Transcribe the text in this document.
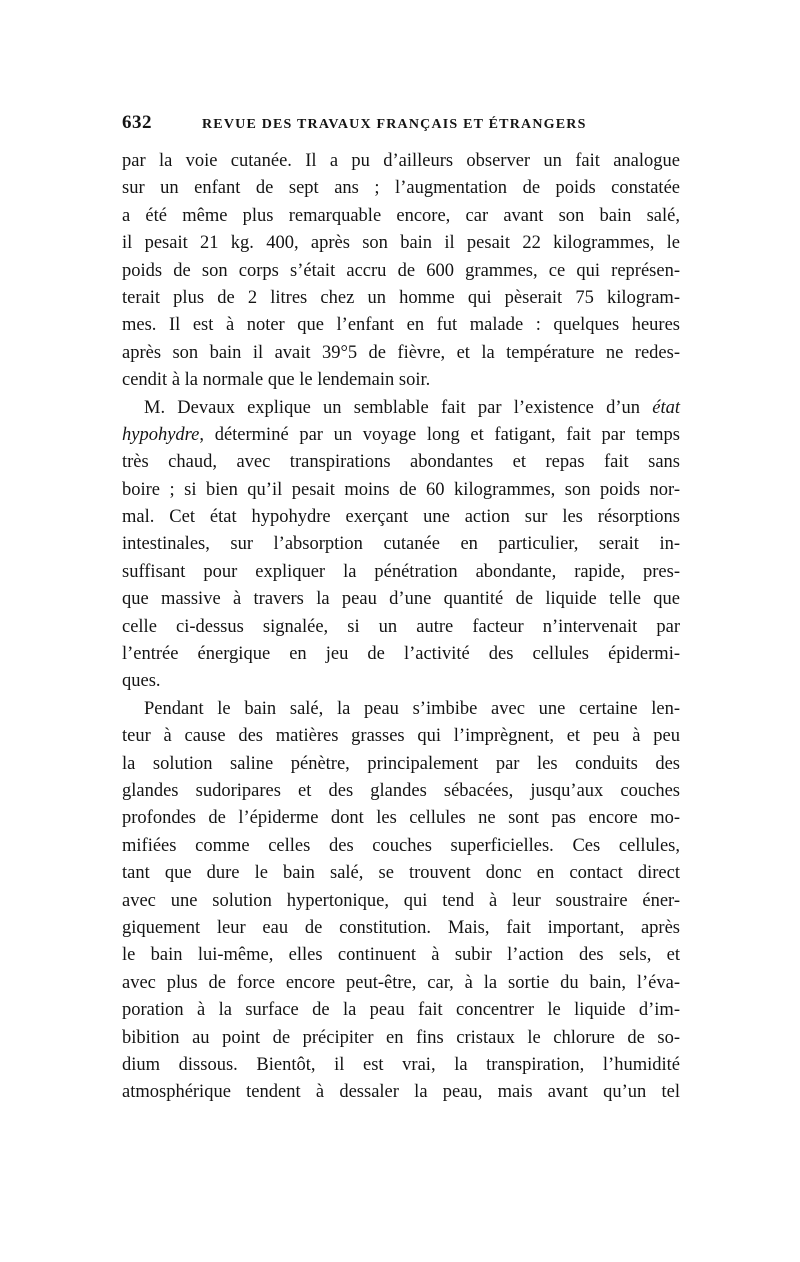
632	REVUE DES TRAVAUX FRANÇAIS ET ÉTRANGERS
par la voie cutanée. Il a pu d’ailleurs observer un fait analogue
sur un enfant de sept ans ; l’augmentation de poids constatée
a été même plus remarquable encore, car avant son bain salé,
il pesait 21 kg. 400, après son bain il pesait 22 kilogrammes, le
poids de son corps s’était accru de 600 grammes, ce qui représen-
terait plus de 2 litres chez un homme qui pèserait 75 kilogram-
mes. Il est à noter que l’enfant en fut malade : quelques heures
après son bain il avait 39°5 de fièvre, et la température ne redes-
cendit à la normale que le lendemain soir.
M. Devaux explique un semblable fait par l’existence d’un état
hypohydre, déterminé par un voyage long et fatigant, fait par temps
très chaud, avec transpirations abondantes et repas fait sans
boire ; si bien qu’il pesait moins de 60 kilogrammes, son poids nor-
mal. Cet état hypohydre exerçant une action sur les résorptions
intestinales, sur l’absorption cutanée en particulier, serait in-
suffisant pour expliquer la pénétration abondante, rapide, pres-
que massive à travers la peau d’une quantité de liquide telle que
celle ci-dessus signalée, si un autre facteur n’intervenait par
l’entrée énergique en jeu de l’activité des cellules épidermi-
ques.
Pendant le bain salé, la peau s’imbibe avec une certaine len-
teur à cause des matières grasses qui l’imprègnent, et peu à peu
la solution saline pénètre, principalement par les conduits des
glandes sudoripares et des glandes sébacées, jusqu’aux couches
profondes de l’épiderme dont les cellules ne sont pas encore mo-
mifiées comme celles des couches superficielles. Ces cellules,
tant que dure le bain salé, se trouvent donc en contact direct
avec une solution hypertonique, qui tend à leur soustraire éner-
giquement leur eau de constitution. Mais, fait important, après
le bain lui-même, elles continuent à subir l’action des sels, et
avec plus de force encore peut-être, car, à la sortie du bain, l’éva-
poration à la surface de la peau fait concentrer le liquide d’im-
bibition au point de précipiter en fins cristaux le chlorure de so-
dium dissous. Bientôt, il est vrai, la transpiration, l’humidité
atmosphérique tendent à dessaler la peau, mais avant qu’un tel
